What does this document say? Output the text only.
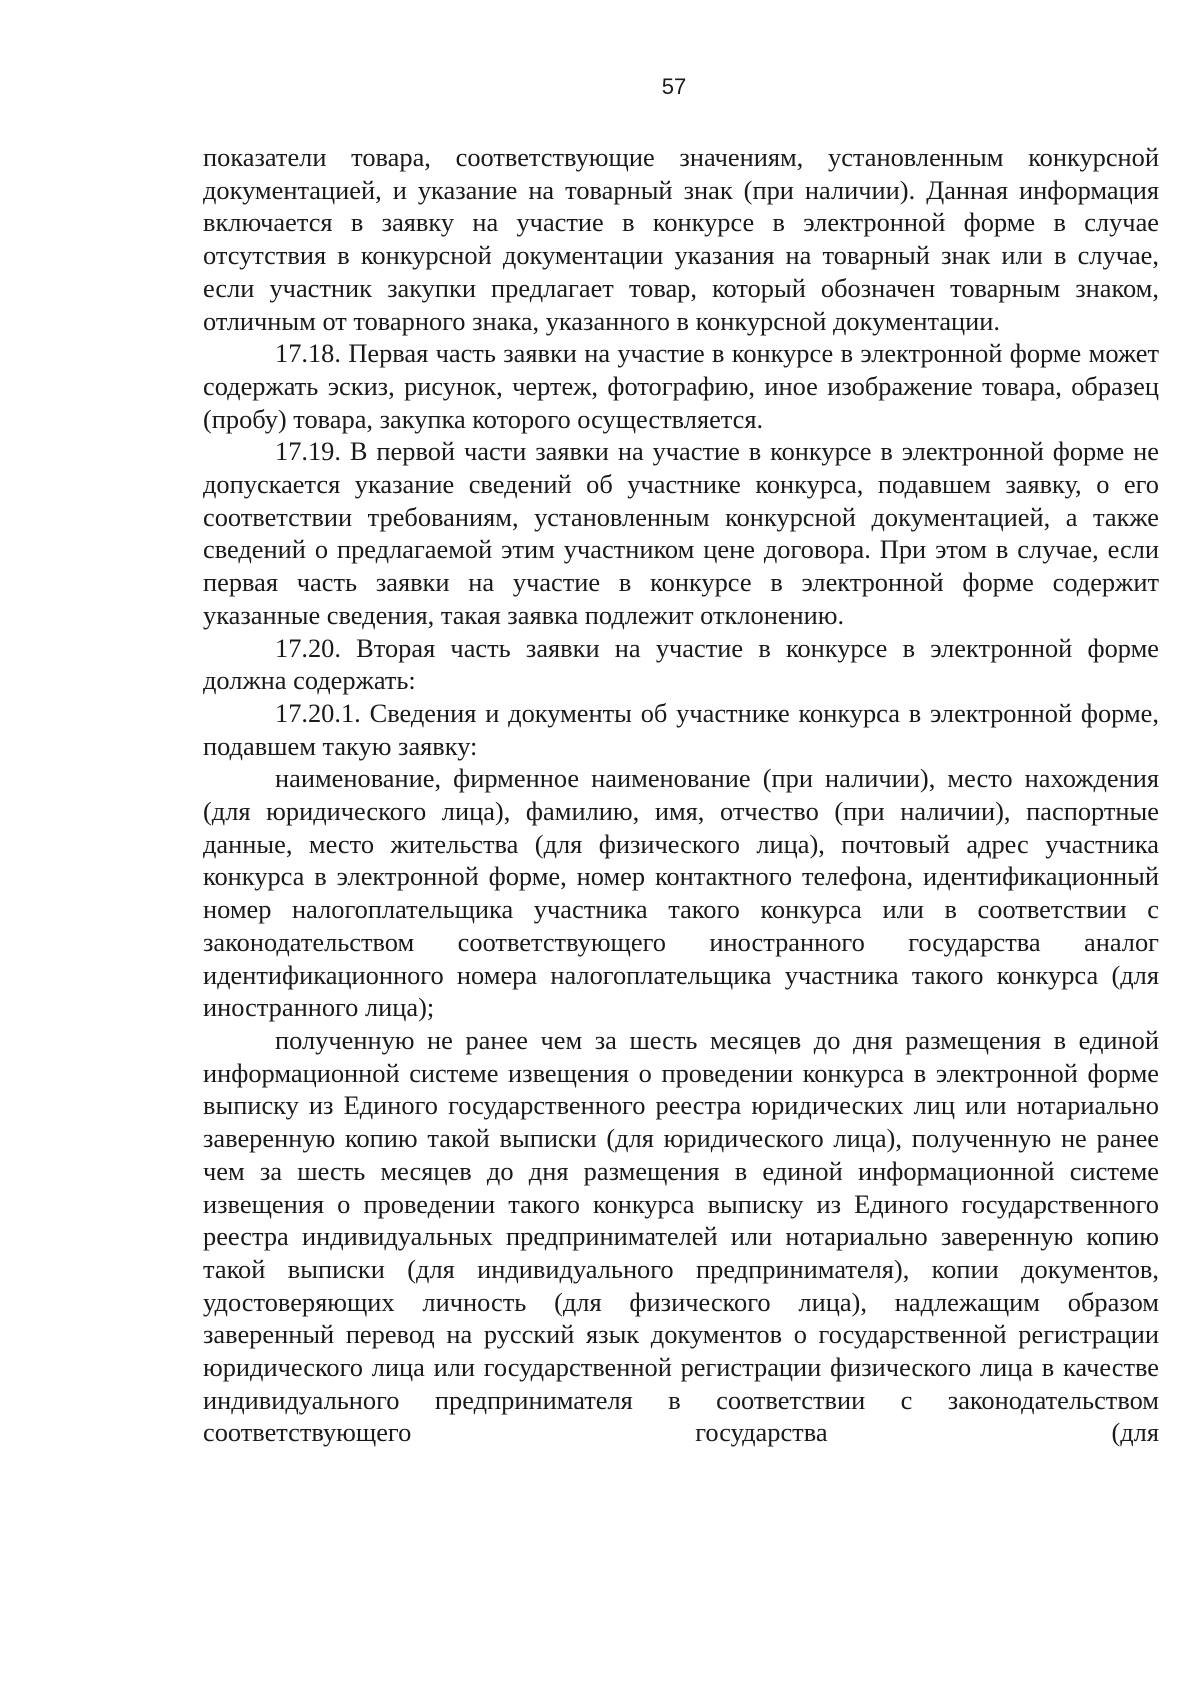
57

показатели товара, соответствующие значениям, установленным конкурсной документацией, и указание на товарный знак (при наличии). Данная информация включается в заявку на участие в конкурсе в электронной форме в случае отсутствия в конкурсной документации указания на товарный знак или в случае, если участник закупки предлагает товар, который обозначен товарным знаком, отличным от товарного знака, указанного в конкурсной документации.

17.18. Первая часть заявки на участие в конкурсе в электронной форме может содержать эскиз, рисунок, чертеж, фотографию, иное изображение товара, образец (пробу) товара, закупка которого осуществляется.

17.19. В первой части заявки на участие в конкурсе в электронной форме не допускается указание сведений об участнике конкурса, подавшем заявку, о его соответствии требованиям, установленным конкурсной документацией, а также сведений о предлагаемой этим участником цене договора. При этом в случае, если первая часть заявки на участие в конкурсе в электронной форме содержит указанные сведения, такая заявка подлежит отклонению.

17.20. Вторая часть заявки на участие в конкурсе в электронной форме должна содержать:

17.20.1. Сведения и документы об участнике конкурса в электронной форме, подавшем такую заявку:

наименование, фирменное наименование (при наличии), место нахождения (для юридического лица), фамилию, имя, отчество (при наличии), паспортные данные, место жительства (для физического лица), почтовый адрес участника конкурса в электронной форме, номер контактного телефона, идентификационный номер налогоплательщика участника такого конкурса или в соответствии с законодательством соответствующего иностранного государства аналог идентификационного номера налогоплательщика участника такого конкурса (для иностранного лица);

полученную не ранее чем за шесть месяцев до дня размещения в единой информационной системе извещения о проведении конкурса в электронной форме выписку из Единого государственного реестра юридических лиц или нотариально заверенную копию такой выписки (для юридического лица), полученную не ранее чем за шесть месяцев до дня размещения в единой информационной системе извещения о проведении такого конкурса выписку из Единого государственного реестра индивидуальных предпринимателей или нотариально заверенную копию такой выписки (для индивидуального предпринимателя), копии документов, удостоверяющих личность (для физического лица), надлежащим образом заверенный перевод на русский язык документов о государственной регистрации юридического лица или государственной регистрации физического лица в качестве индивидуального предпринимателя в соответствии с законодательством соответствующего государства (для
